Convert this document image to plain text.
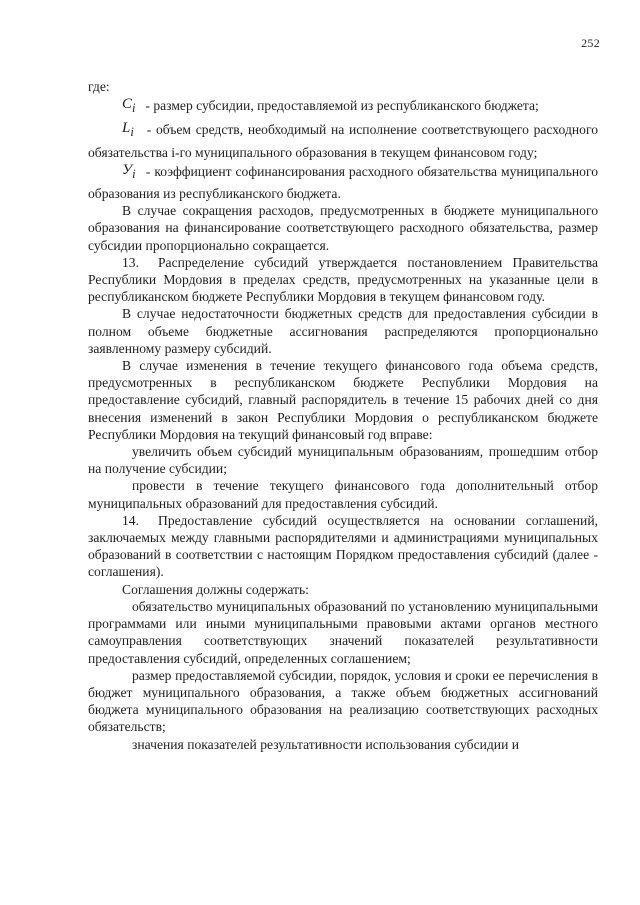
252

где:

$C_i$ - размер субсидии, предоставляемой из республиканского бюджета;

$L_i$ - объем средств, необходимый на исполнение соответствующего расходного обязательства i-го муниципального образования в текущем финансовом году;

$У_i$ - коэффициент софинансирования расходного обязательства муниципального образования из республиканского бюджета.

В случае сокращения расходов, предусмотренных в бюджете муниципального образования на финансирование соответствующего расходного обязательства, размер субсидии пропорционально сокращается.

13. Распределение субсидий утверждается постановлением Правительства Республики Мордовия в пределах средств, предусмотренных на указанные цели в республиканском бюджете Республики Мордовия в текущем финансовом году.

В случае недостаточности бюджетных средств для предоставления субсидии в полном объеме бюджетные ассигнования распределяются пропорционально заявленному размеру субсидий.

В случае изменения в течение текущего финансового года объема средств, предусмотренных в республиканском бюджете Республики Мордовия на предоставление субсидий, главный распорядитель в течение 15 рабочих дней со дня внесения изменений в закон Республики Мордовия о республиканском бюджете Республики Мордовия на текущий финансовый год вправе:

увеличить объем субсидий муниципальным образованиям, прошедшим отбор на получение субсидии;

провести в течение текущего финансового года дополнительный отбор муниципальных образований для предоставления субсидий.

14. Предоставление субсидий осуществляется на основании соглашений, заключаемых между главными распорядителями и администрациями муниципальных образований в соответствии с настоящим Порядком предоставления субсидий (далее - соглашения).

Соглашения должны содержать:

обязательство муниципальных образований по установлению муниципальными программами или иными муниципальными правовыми актами органов местного самоуправления соответствующих значений показателей результативности предоставления субсидий, определенных соглашением;

размер предоставляемой субсидии, порядок, условия и сроки ее перечисления в бюджет муниципального образования, а также объем бюджетных ассигнований бюджета муниципального образования на реализацию соответствующих расходных обязательств;

значения показателей результативности использования субсидии и
